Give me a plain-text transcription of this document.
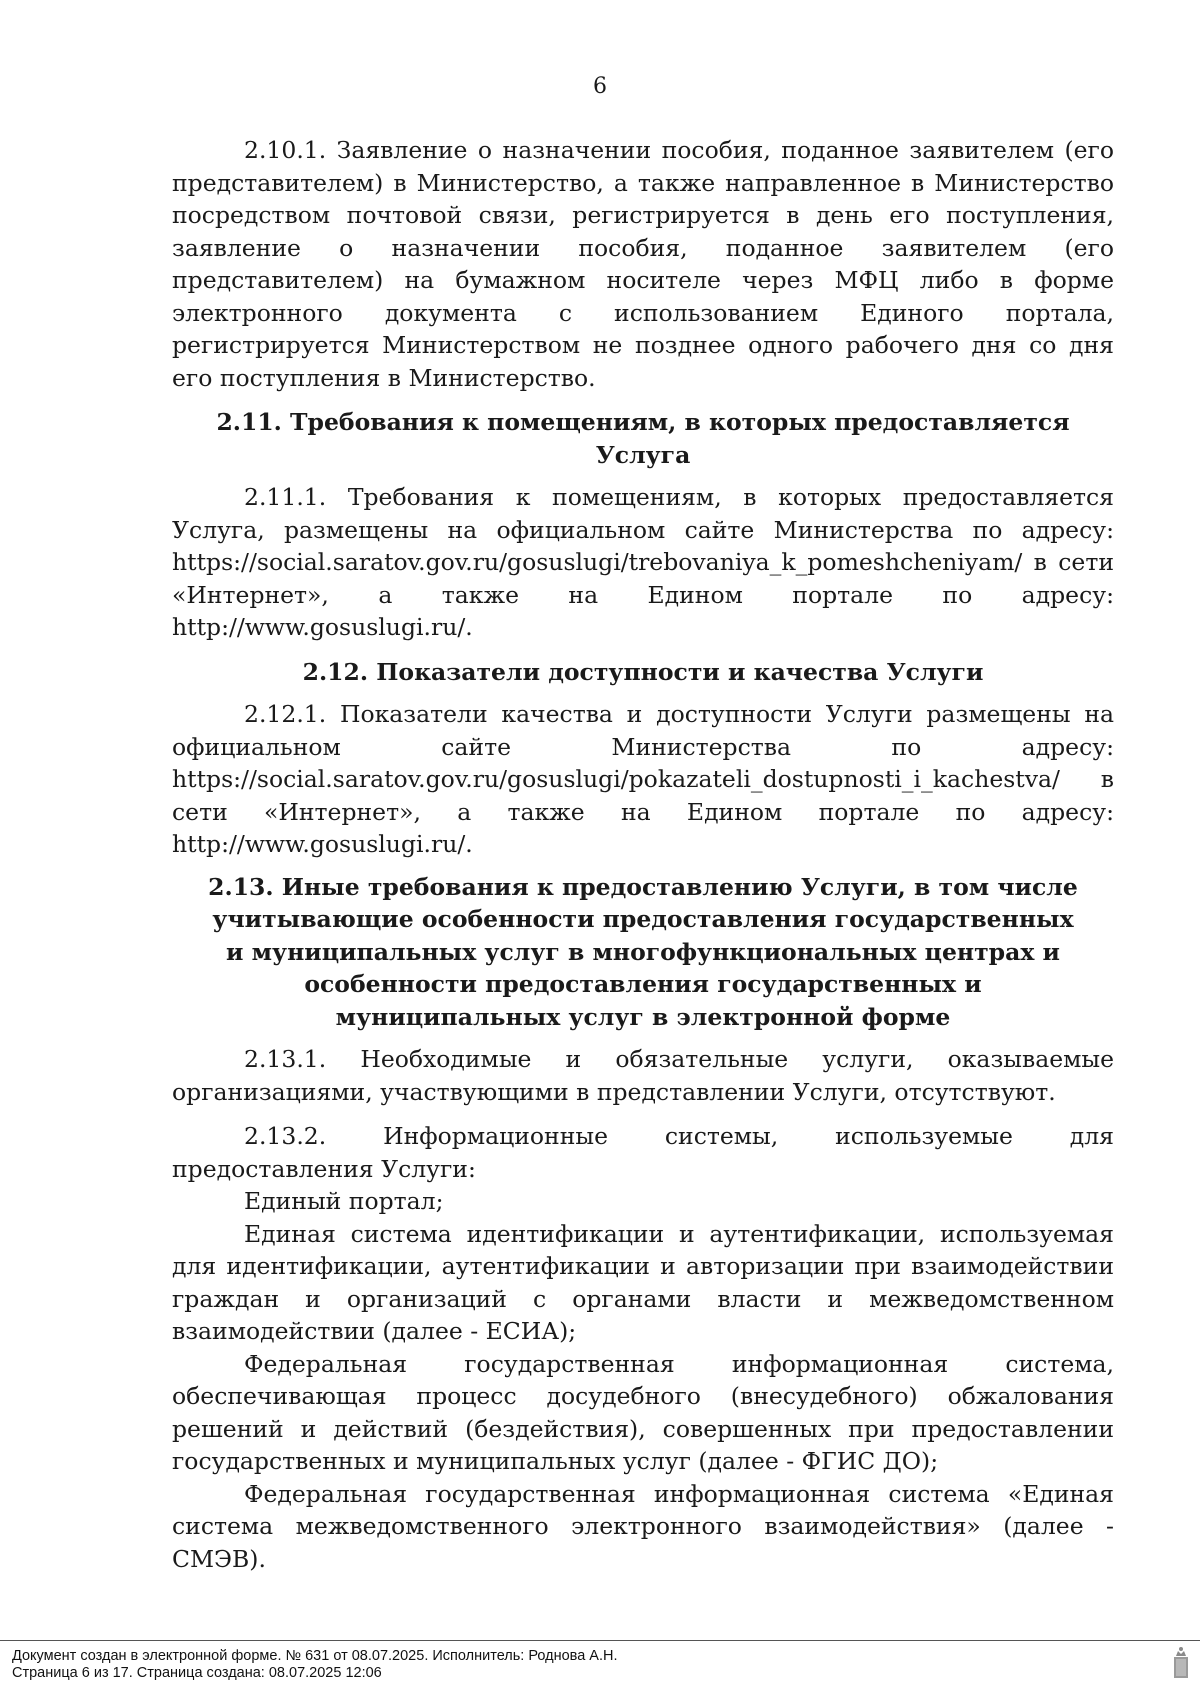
6

2.10.1. Заявление о назначении пособия, поданное заявителем (его представителем) в Министерство, а также направленное в Министерство посредством почтовой связи, регистрируется в день его поступления, заявление о назначении пособия, поданное заявителем (его представителем) на бумажном носителе через МФЦ либо в форме электронного документа с использованием Единого портала, регистрируется Министерством не позднее одного рабочего дня со дня его поступления в Министерство.

2.11. Требования к помещениям, в которых предоставляется Услуга

2.11.1. Требования к помещениям, в которых предоставляется Услуга, размещены на официальном сайте Министерства по адресу: https://social.saratov.gov.ru/gosuslugi/trebovaniya_k_pomeshcheniyam/ в сети «Интернет», а также на Едином портале по адресу: http://www.gosuslugi.ru/.

2.12. Показатели доступности и качества Услуги

2.12.1. Показатели качества и доступности Услуги размещены на официальном сайте Министерства по адресу: https://social.saratov.gov.ru/gosuslugi/pokazateli_dostupnosti_i_kachestva/ в сети «Интернет», а также на Едином портале по адресу: http://www.gosuslugi.ru/.

2.13. Иные требования к предоставлению Услуги, в том числе учитывающие особенности предоставления государственных и муниципальных услуг в многофункциональных центрах и особенности предоставления государственных и муниципальных услуг в электронной форме

2.13.1. Необходимые и обязательные услуги, оказываемые организациями, участвующими в представлении Услуги, отсутствуют.

2.13.2. Информационные системы, используемые для предоставления Услуги:

Единый портал;

Единая система идентификации и аутентификации, используемая для идентификации, аутентификации и авторизации при взаимодействии граждан и организаций с органами власти и межведомственном взаимодействии (далее - ЕСИА);

Федеральная государственная информационная система, обеспечивающая процесс досудебного (внесудебного) обжалования решений и действий (бездействия), совершенных при предоставлении государственных и муниципальных услуг (далее - ФГИС ДО);

Федеральная государственная информационная система «Единая система межведомственного электронного взаимодействия» (далее - СМЭВ).

Документ создан в электронной форме. № 631 от 08.07.2025. Исполнитель: Роднова А.Н.
Страница 6 из 17. Страница создана: 08.07.2025 12:06
